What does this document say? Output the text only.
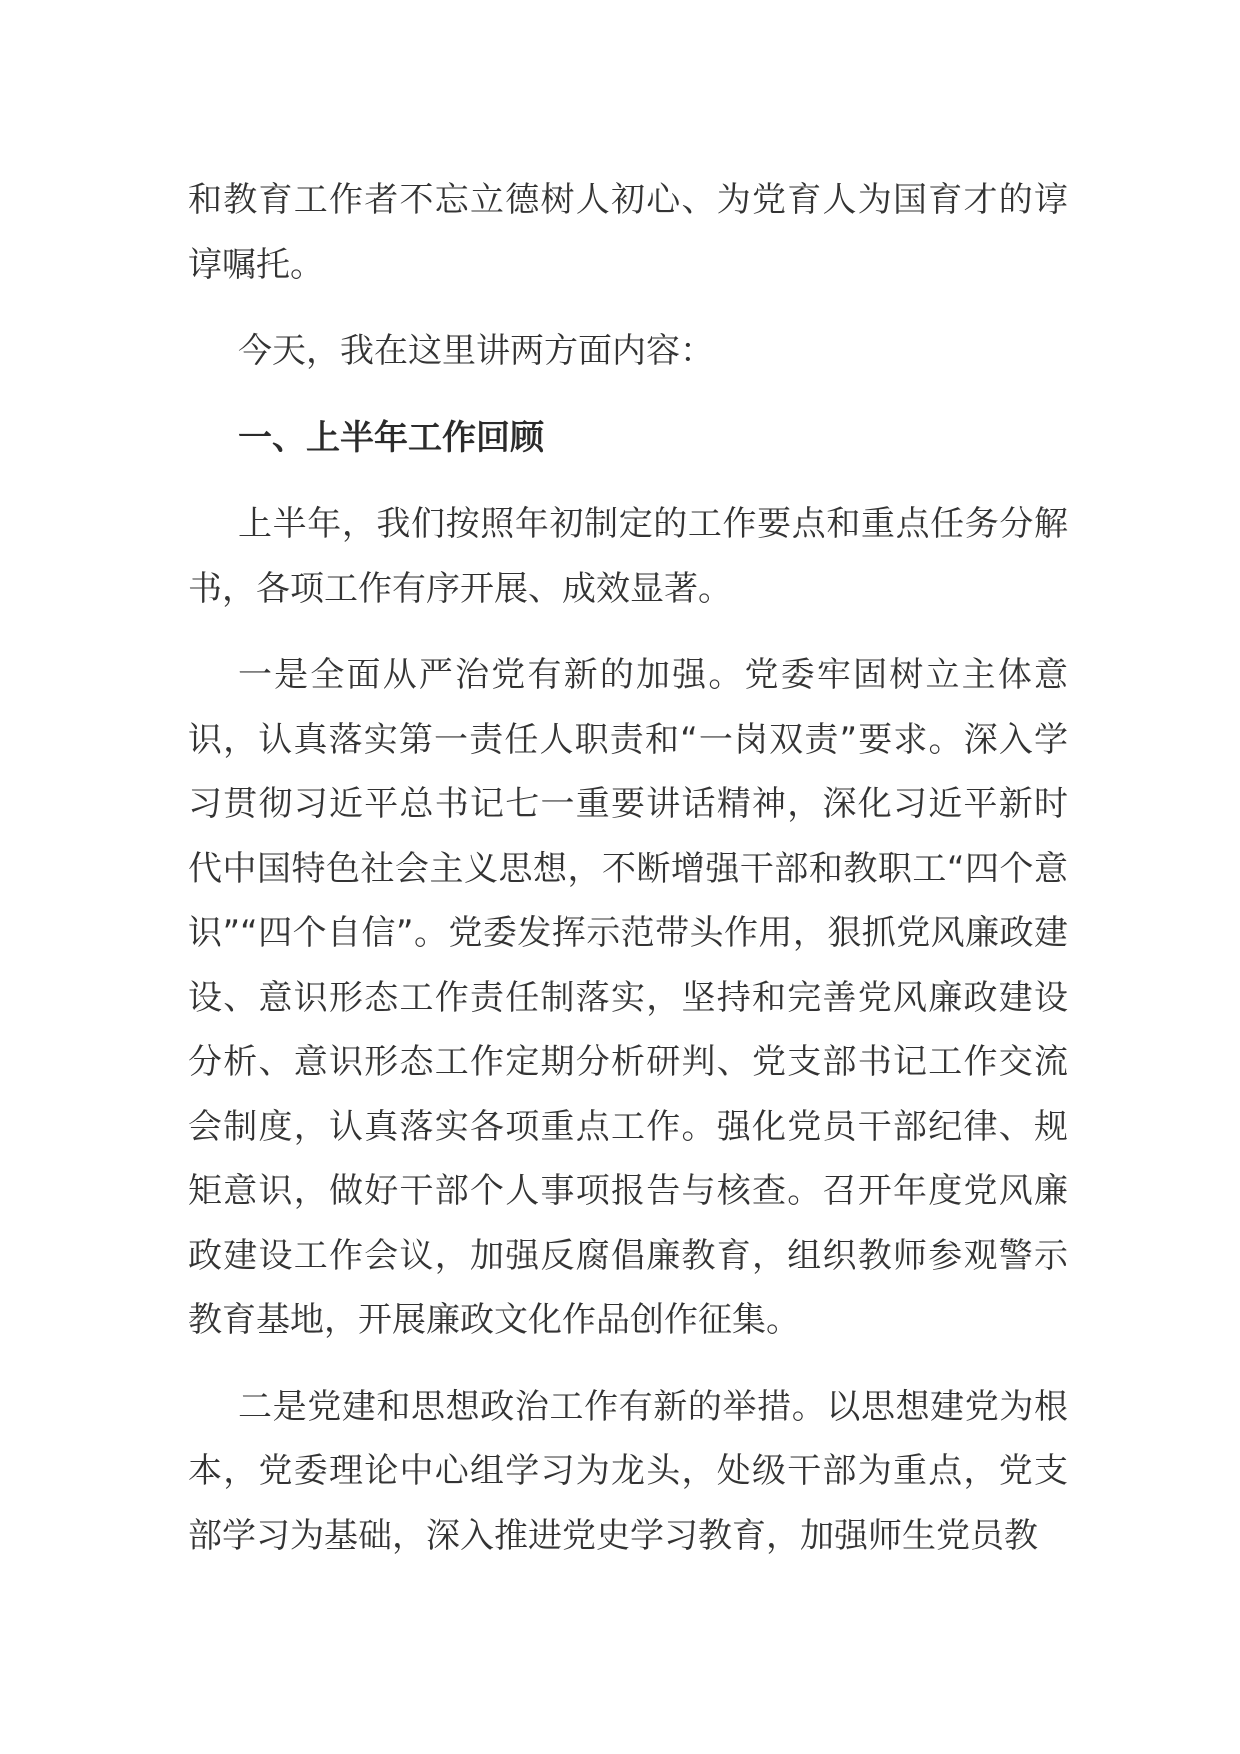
和教育工作者不忘立德树人初心、为党育人为国育才的谆谆嘱托。

今天，我在这里讲两方面内容：

一、上半年工作回顾

上半年，我们按照年初制定的工作要点和重点任务分解书，各项工作有序开展、成效显著。

一是全面从严治党有新的加强。党委牢固树立主体意识，认真落实第一责任人职责和“一岗双责”要求。深入学习贯彻习近平总书记七一重要讲话精神，深化习近平新时代中国特色社会主义思想，不断增强干部和教职工“四个意识”“四个自信”。党委发挥示范带头作用，狠抓党风廉政建设、意识形态工作责任制落实，坚持和完善党风廉政建设分析、意识形态工作定期分析研判、党支部书记工作交流会制度，认真落实各项重点工作。强化党员干部纪律、规矩意识，做好干部个人事项报告与核查。召开年度党风廉政建设工作会议，加强反腐倡廉教育，组织教师参观警示教育基地，开展廉政文化作品创作征集。

二是党建和思想政治工作有新的举措。以思想建党为根本，党委理论中心组学习为龙头，处级干部为重点，党支部学习为基础，深入推进党史学习教育，加强师生党员教
